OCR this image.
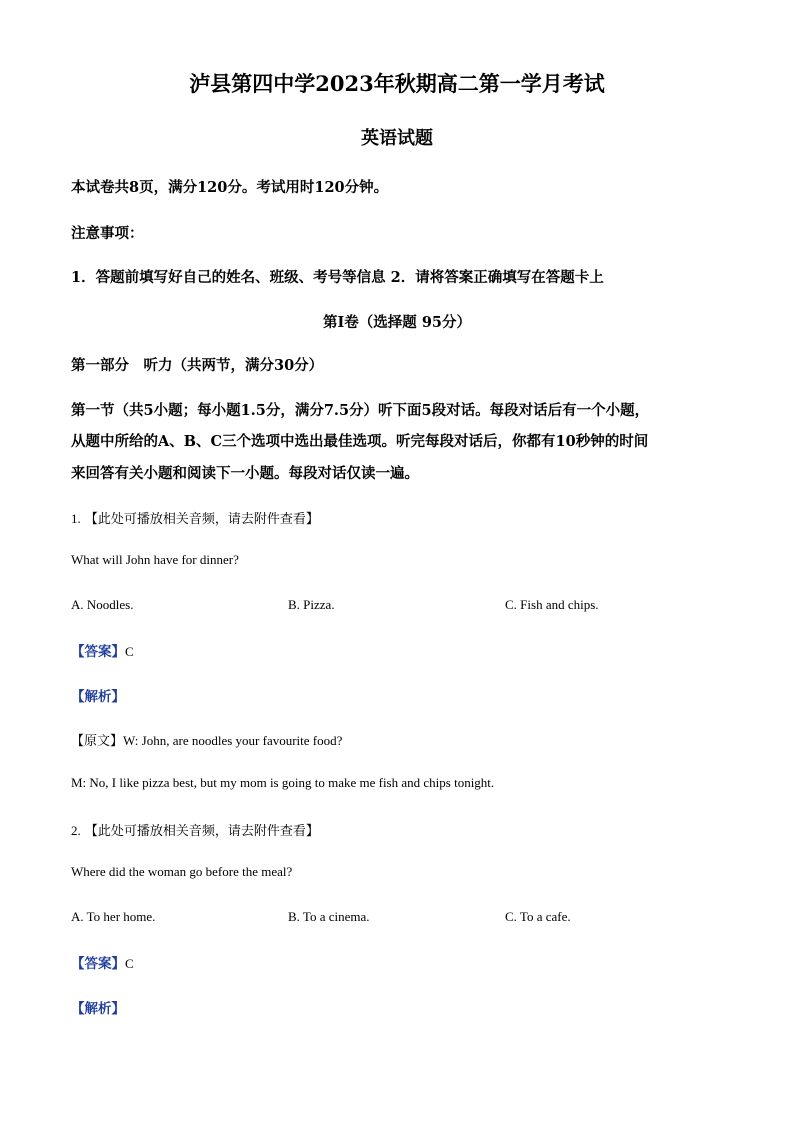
泸县第四中学2023年秋期高二第一学月考试
英语试题
本试卷共8页，满分120分。考试用时120分钟。
注意事项：
1．答题前填写好自己的姓名、班级、考号等信息 2．请将答案正确填写在答题卡上
第I卷（选择题 95分）
第一部分　听力（共两节，满分30分）
第一节（共5小题；每小题1.5分，满分7.5分）听下面5段对话。每段对话后有一个小题，
从题中所给的A、B、C三个选项中选出最佳选项。听完每段对话后，你都有10秒钟的时间
来回答有关小题和阅读下一小题。每段对话仅读一遍。
1. 【此处可播放相关音频，请去附件查看】
What will John have for dinner?
A. Noodles.	B. Pizza.	C. Fish and chips.
【答案】C
【解析】
【原文】W: John, are noodles your favourite food?
M: No, I like pizza best, but my mom is going to make me fish and chips tonight.
2. 【此处可播放相关音频，请去附件查看】
Where did the woman go before the meal?
A. To her home.	B. To a cinema.	C. To a cafe.
【答案】C
【解析】
